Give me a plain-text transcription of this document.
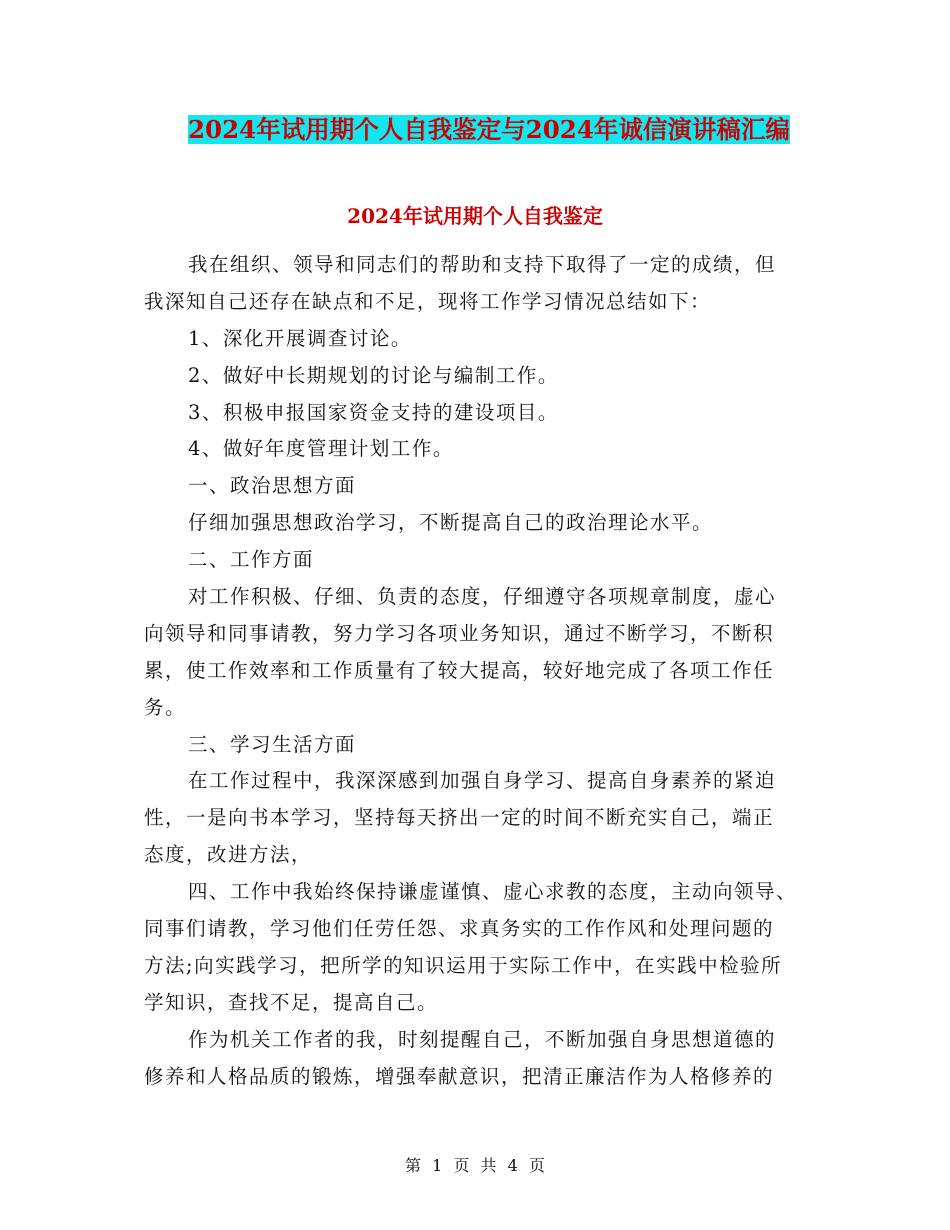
2024年试用期个人自我鉴定与2024年诚信演讲稿汇编
2024年试用期个人自我鉴定
我在组织、领导和同志们的帮助和支持下取得了一定的成绩，但
我深知自己还存在缺点和不足，现将工作学习情况总结如下：
1、深化开展调查讨论。
2、做好中长期规划的讨论与编制工作。
3、积极申报国家资金支持的建设项目。
4、做好年度管理计划工作。
一、政治思想方面
仔细加强思想政治学习，不断提高自己的政治理论水平。
二、工作方面
对工作积极、仔细、负责的态度，仔细遵守各项规章制度，虚心
向领导和同事请教，努力学习各项业务知识，通过不断学习，不断积
累，使工作效率和工作质量有了较大提高，较好地完成了各项工作任
务。
三、学习生活方面
在工作过程中，我深深感到加强自身学习、提高自身素养的紧迫
性，一是向书本学习，坚持每天挤出一定的时间不断充实自己，端正
态度，改进方法，
四、工作中我始终保持谦虚谨慎、虚心求教的态度，主动向领导、
同事们请教，学习他们任劳任怨、求真务实的工作作风和处理问题的
方法;向实践学习，把所学的知识运用于实际工作中，在实践中检验所
学知识，查找不足，提高自己。
作为机关工作者的我，时刻提醒自己，不断加强自身思想道德的
修养和人格品质的锻炼，增强奉献意识，把清正廉洁作为人格修养的
第 1 页 共 4 页
